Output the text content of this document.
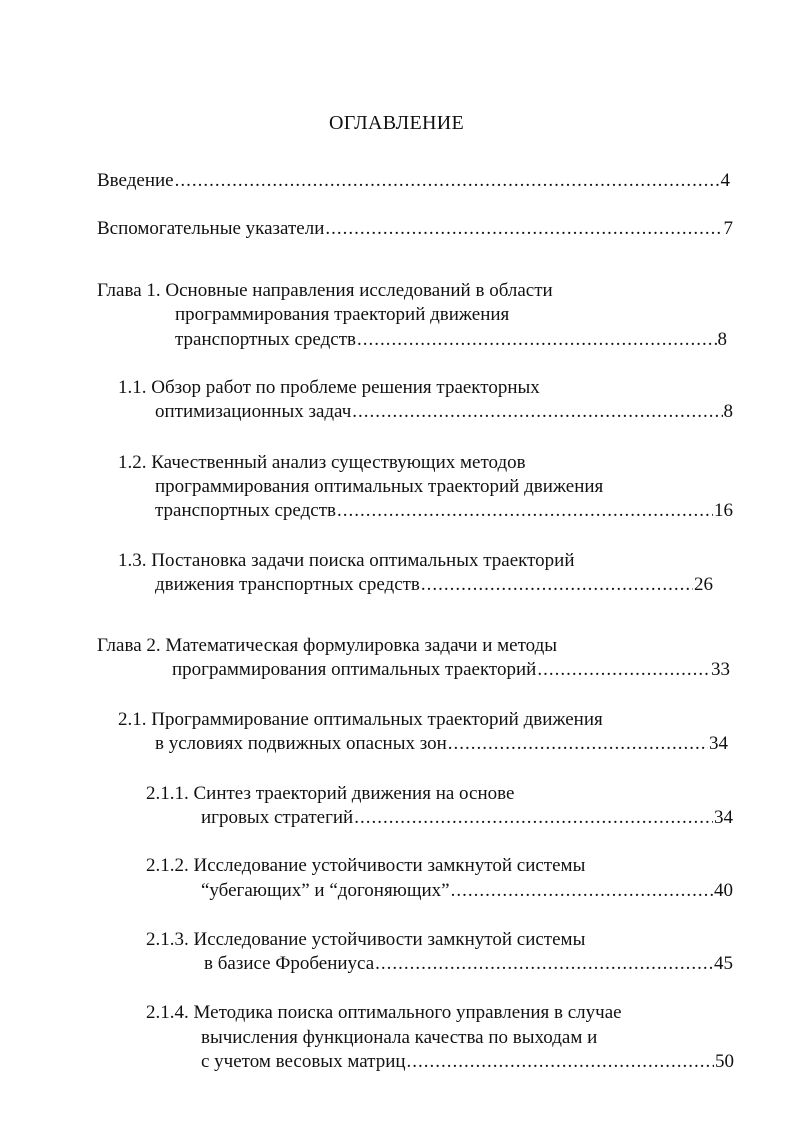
ОГЛАВЛЕНИЕ
Введение .....	4
Вспомогательные указатели .....	7
Глава 1. Основные направления исследований в области
программирования траекторий движения
транспортных средств .....	8
1.1. Обзор работ по проблеме решения траекторных
оптимизационных задач .....	8
1.2. Качественный анализ существующих методов
программирования оптимальных траекторий движения
транспортных средств .....	16
1.3. Постановка задачи поиска оптимальных траекторий
движения транспортных средств .....	26
Глава 2. Математическая формулировка задачи и методы
программирования оптимальных траекторий .....	33
2.1. Программирование оптимальных траекторий движения
в условиях подвижных опасных зон .....	34
2.1.1. Синтез траекторий движения на основе
игровых стратегий .....	34
2.1.2. Исследование устойчивости замкнутой системы
“убегающих” и “догоняющих” .....	40
2.1.3. Исследование устойчивости замкнутой системы
в базисе Фробениуса .....	45
2.1.4. Методика поиска оптимального управления в случае
вычисления функционала качества по выходам и
с учетом весовых матриц .....	50
